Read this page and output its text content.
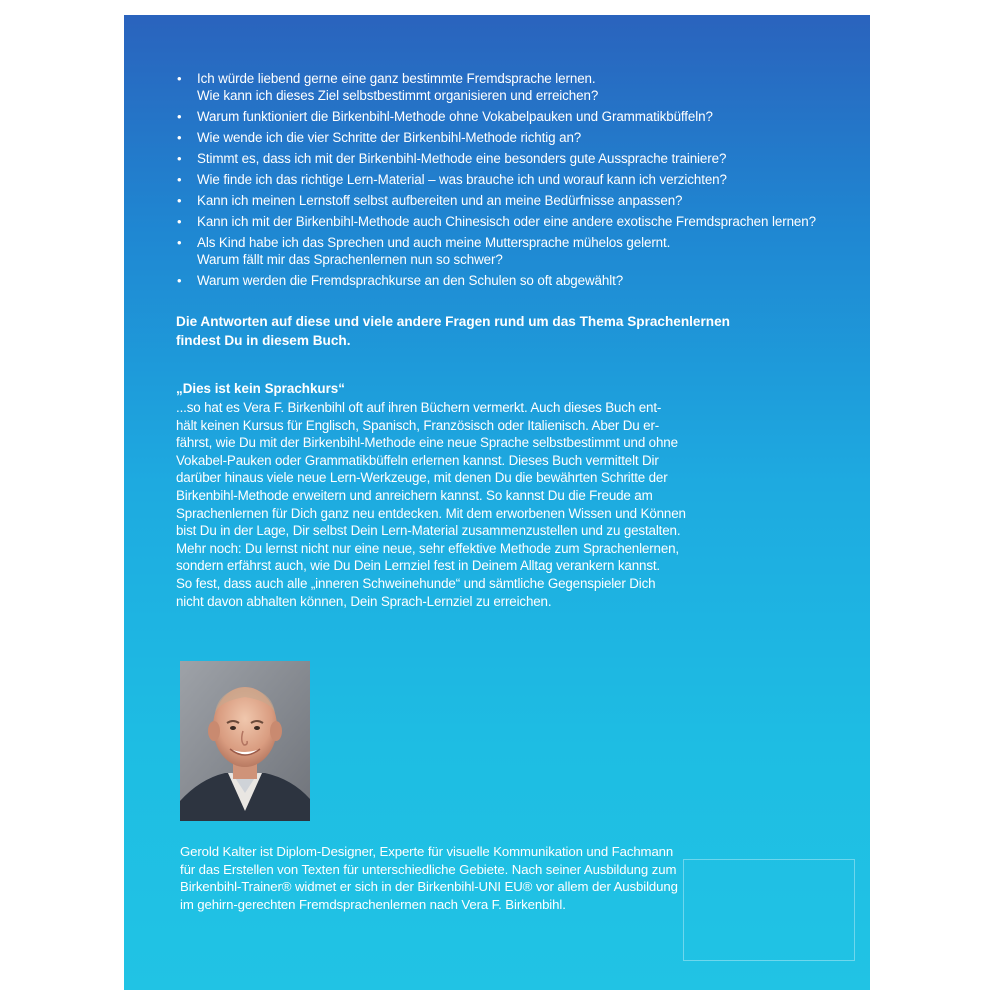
• Ich würde liebend gerne eine ganz bestimmte Fremdsprache lernen.
Wie kann ich dieses Ziel selbstbestimmt organisieren und erreichen?
• Warum funktioniert die Birkenbihl-Methode ohne Vokabelpauken und Grammatikbüffeln?
• Wie wende ich die vier Schritte der Birkenbihl-Methode richtig an?
• Stimmt es, dass ich mit der Birkenbihl-Methode eine besonders gute Aussprache trainiere?
• Wie finde ich das richtige Lern-Material – was brauche ich und worauf kann ich verzichten?
• Kann ich meinen Lernstoff selbst aufbereiten und an meine Bedürfnisse anpassen?
• Kann ich mit der Birkenbihl-Methode auch Chinesisch oder eine andere exotische Fremdsprachen lernen?
• Als Kind habe ich das Sprechen und auch meine Muttersprache mühelos gelernt.
Warum fällt mir das Sprachenlernen nun so schwer?
• Warum werden die Fremdsprachkurse an den Schulen so oft abgewählt?

Die Antworten auf diese und viele andere Fragen rund um das Thema Sprachenlernen
findest Du in diesem Buch.

„Dies ist kein Sprachkurs“

...so hat es Vera F. Birkenbihl oft auf ihren Büchern vermerkt. Auch dieses Buch ent-
hält keinen Kursus für Englisch, Spanisch, Französisch oder Italienisch. Aber Du er-
fährst, wie Du mit der Birkenbihl-Methode eine neue Sprache selbstbestimmt und ohne
Vokabel-Pauken oder Grammatikbüffeln erlernen kannst. Dieses Buch vermittelt Dir
darüber hinaus viele neue Lern-Werkzeuge, mit denen Du die bewährten Schritte der
Birkenbihl-Methode erweitern und anreichern kannst. So kannst Du die Freude am
Sprachenlernen für Dich ganz neu entdecken. Mit dem erworbenen Wissen und Können
bist Du in der Lage, Dir selbst Dein Lern-Material zusammenzustellen und zu gestalten.
Mehr noch: Du lernst nicht nur eine neue, sehr effektive Methode zum Sprachenlernen,
sondern erfährst auch, wie Du Dein Lernziel fest in Deinem Alltag verankern kannst.
So fest, dass auch alle „inneren Schweinehunde“ und sämtliche Gegenspieler Dich
nicht davon abhalten können, Dein Sprach-Lernziel zu erreichen.

Gerold Kalter ist Diplom-Designer, Experte für visuelle Kommunikation und Fachmann
für das Erstellen von Texten für unterschiedliche Gebiete. Nach seiner Ausbildung zum
Birkenbihl-Trainer® widmet er sich in der Birkenbihl-UNI EU® vor allem der Ausbildung
im gehirn-gerechten Fremdsprachenlernen nach Vera F. Birkenbihl.
